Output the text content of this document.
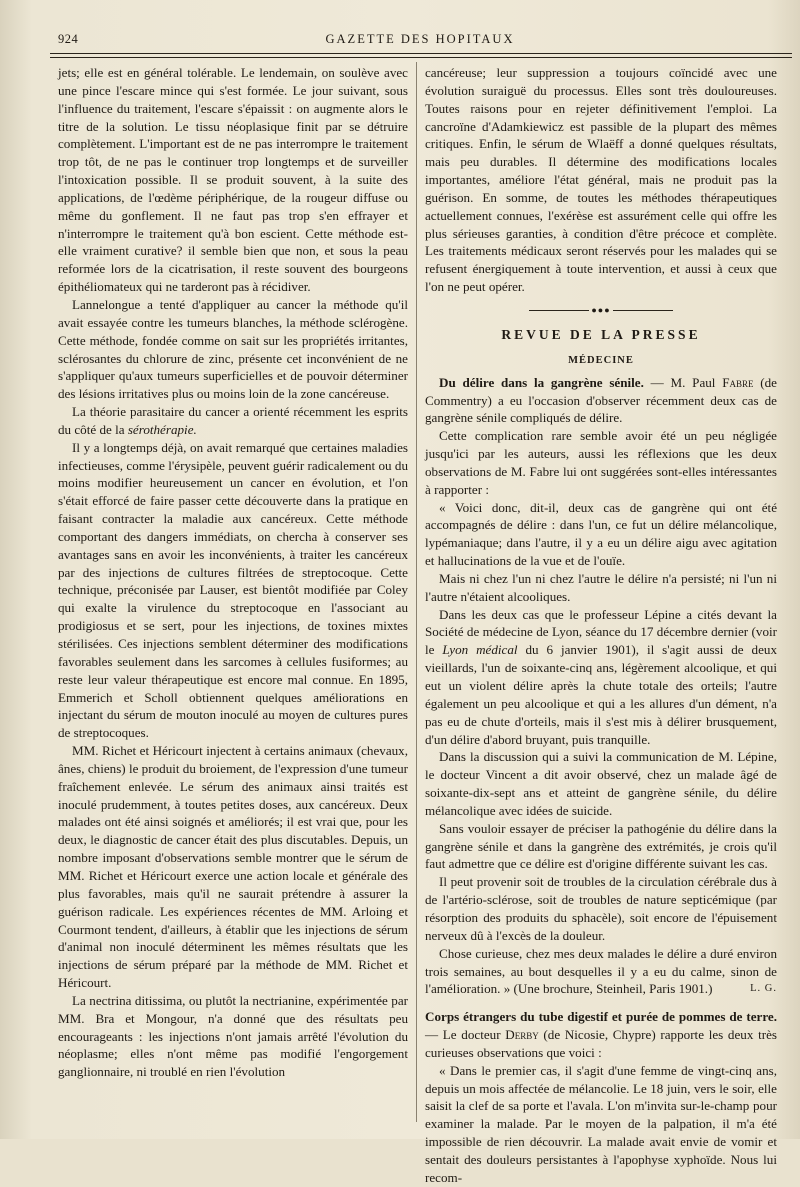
924	GAZETTE DES HOPITAUX

jets; elle est en général tolérable. Le lendemain, on soulève avec une pince l'escare mince qui s'est formée. Le jour suivant, sous l'influence du traitement, l'escare s'épaissit : on augmente alors le titre de la solution. Le tissu néoplasique finit par se détruire complètement. L'important est de ne pas interrompre le traitement trop tôt, de ne pas le continuer trop longtemps et de surveiller l'intoxication possible. Il se produit souvent, à la suite des applications, de l'œdème périphérique, de la rougeur diffuse ou même du gonflement. Il ne faut pas trop s'en effrayer et n'interrompre le traitement qu'à bon escient. Cette méthode est-elle vraiment curative? il semble bien que non, et sous la peau reformée lors de la cicatrisation, il reste souvent des bourgeons épithéliomateux qui ne tarderont pas à récidiver.

Lannelongue a tenté d'appliquer au cancer la méthode qu'il avait essayée contre les tumeurs blanches, la méthode sclérogène. Cette méthode, fondée comme on sait sur les propriétés irritantes, sclérosantes du chlorure de zinc, présente cet inconvénient de ne s'appliquer qu'aux tumeurs superficielles et de pouvoir déterminer des lésions irritatives plus ou moins loin de la zone cancéreuse.

La théorie parasitaire du cancer a orienté récemment les esprits du côté de la sérothérapie.

Il y a longtemps déjà, on avait remarqué que certaines maladies infectieuses, comme l'érysipèle, peuvent guérir radicalement ou du moins modifier heureusement un cancer en évolution, et l'on s'était efforcé de faire passer cette découverte dans la pratique en faisant contracter la maladie aux cancéreux. Cette méthode comportant des dangers immédiats, on chercha à conserver ses avantages sans en avoir les inconvénients, à traiter les cancéreux par des injections de cultures filtrées de streptocoque. Cette technique, préconisée par Lauser, est bientôt modifiée par Coley qui exalte la virulence du streptocoque en l'associant au prodigiosus et se sert, pour les injections, de toxines mixtes stérilisées. Ces injections semblent déterminer des modifications favorables seulement dans les sarcomes à cellules fusiformes; au reste leur valeur thérapeutique est encore mal connue. En 1895, Emmerich et Scholl obtiennent quelques améliorations en injectant du sérum de mouton inoculé au moyen de cultures pures de streptocoques.

MM. Richet et Héricourt injectent à certains animaux (chevaux, ânes, chiens) le produit du broiement, de l'expression d'une tumeur fraîchement enlevée. Le sérum des animaux ainsi traités est inoculé prudemment, à toutes petites doses, aux cancéreux. Deux malades ont été ainsi soignés et améliorés; il est vrai que, pour les deux, le diagnostic de cancer était des plus discutables. Depuis, un nombre imposant d'observations semble montrer que le sérum de MM. Richet et Héricourt exerce une action locale et générale des plus favorables, mais qu'il ne saurait prétendre à assurer la guérison radicale. Les expériences récentes de MM. Arloing et Courmont tendent, d'ailleurs, à établir que les injections de sérum d'animal non inoculé déterminent les mêmes résultats que les injections de sérum préparé par la méthode de MM. Richet et Héricourt.

La nectrina ditissima, ou plutôt la nectrianine, expérimentée par MM. Bra et Mongour, n'a donné que des résultats peu encourageants : les injections n'ont jamais arrêté l'évolution du néoplasme; elles n'ont même pas modifié l'engorgement ganglionnaire, ni troublé en rien l'évolution

cancéreuse; leur suppression a toujours coïncidé avec une évolution suraiguë du processus. Elles sont très douloureuses. Toutes raisons pour en rejeter définitivement l'emploi. La cancroïne d'Adamkiewicz est passible de la plupart des mêmes critiques. Enfin, le sérum de Wlaëff a donné quelques résultats, mais peu durables. Il détermine des modifications locales importantes, améliore l'état général, mais ne produit pas la guérison. En somme, de toutes les méthodes thérapeutiques actuellement connues, l'exérèse est assurément celle qui offre les plus sérieuses garanties, à condition d'être précoce et complète. Les traitements médicaux seront réservés pour les malades qui se refusent énergiquement à toute intervention, et aussi à ceux que l'on ne peut opérer.

●●●
REVUE DE LA PRESSE
MÉDECINE

Du délire dans la gangrène sénile. — M. Paul Fabre (de Commentry) a eu l'occasion d'observer récemment deux cas de gangrène sénile compliqués de délire.

Cette complication rare semble avoir été un peu négligée jusqu'ici par les auteurs, aussi les réflexions que les deux observations de M. Fabre lui ont suggérées sont-elles intéressantes à rapporter :

« Voici donc, dit-il, deux cas de gangrène qui ont été accompagnés de délire : dans l'un, ce fut un délire mélancolique, lypémaniaque; dans l'autre, il y a eu un délire aigu avec agitation et hallucinations de la vue et de l'ouïe.

Mais ni chez l'un ni chez l'autre le délire n'a persisté; ni l'un ni l'autre n'étaient alcooliques.

Dans les deux cas que le professeur Lépine a cités devant la Société de médecine de Lyon, séance du 17 décembre dernier (voir le Lyon médical du 6 janvier 1901), il s'agit aussi de deux vieillards, l'un de soixante-cinq ans, légèrement alcoolique, et qui eut un violent délire après la chute totale des orteils; l'autre également un peu alcoolique et qui a les allures d'un dément, n'a pas eu de chute d'orteils, mais il s'est mis à délirer brusquement, d'un délire d'abord bruyant, puis tranquille.

Dans la discussion qui a suivi la communication de M. Lépine, le docteur Vincent a dit avoir observé, chez un malade âgé de soixante-dix-sept ans et atteint de gangrène sénile, du délire mélancolique avec idées de suicide.

Sans vouloir essayer de préciser la pathogénie du délire dans la gangrène sénile et dans la gangrène des extrémités, je crois qu'il faut admettre que ce délire est d'origine différente suivant les cas.

Il peut provenir soit de troubles de la circulation cérébrale dus à de l'artério-sclérose, soit de troubles de nature septicémique (par résorption des produits du sphacèle), soit encore de l'épuisement nerveux dû à l'excès de la douleur.

Chose curieuse, chez mes deux malades le délire a duré environ trois semaines, au bout desquelles il y a eu du calme, sinon de l'amélioration. » (Une brochure, Steinheil, Paris 1901.)	L. G.

Corps étrangers du tube digestif et purée de pommes de terre. — Le docteur Derby (de Nicosie, Chypre) rapporte les deux très curieuses observations que voici :

« Dans le premier cas, il s'agit d'une femme de vingt-cinq ans, depuis un mois affectée de mélancolie. Le 18 juin, vers le soir, elle saisit la clef de sa porte et l'avala. L'on m'invita sur-le-champ pour examiner la malade. Par le moyen de la palpation, il m'a été impossible de rien découvrir. La malade avait envie de vomir et sentait des douleurs persistantes à l'apophyse xyphoïde. Nous lui recom-
